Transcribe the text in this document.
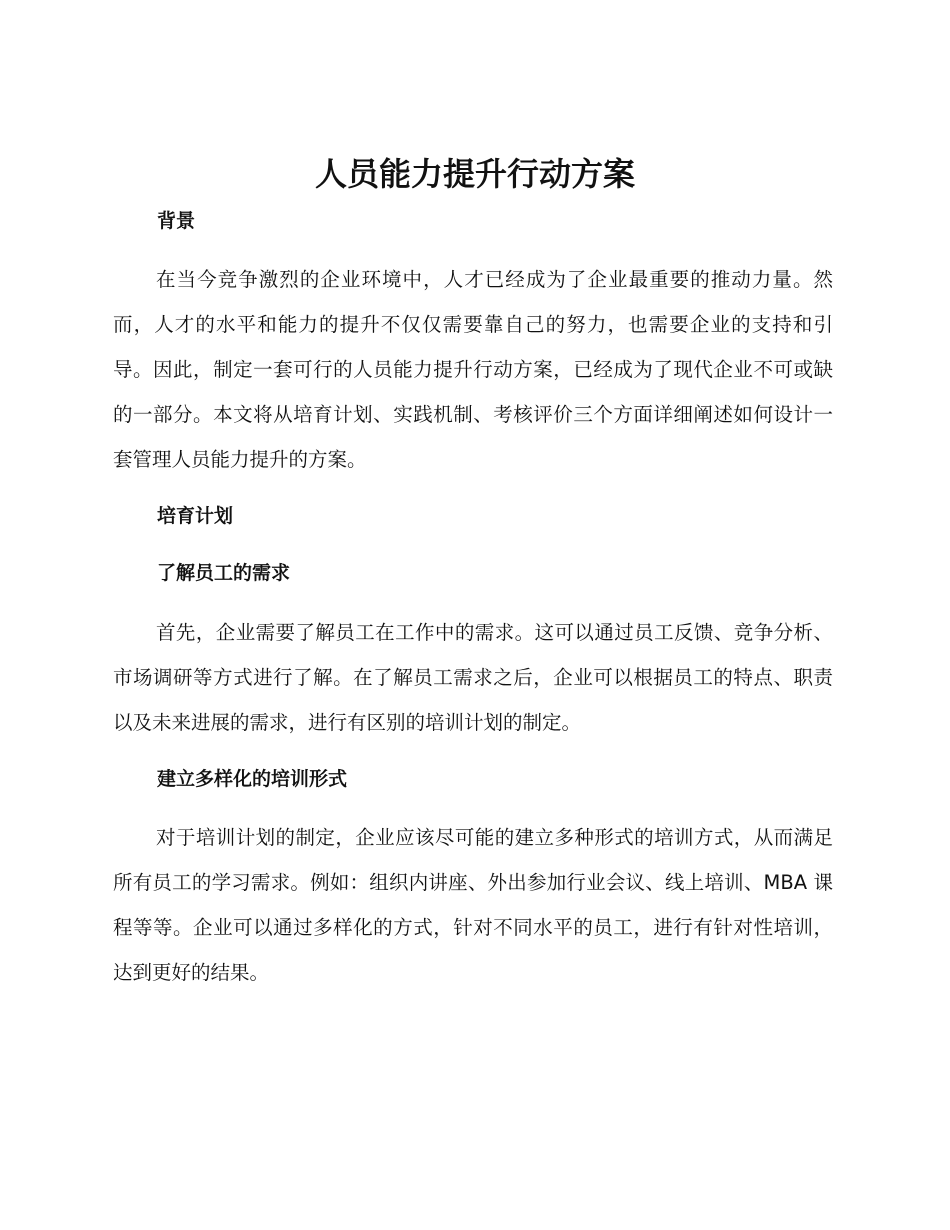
人员能力提升行动方案
背景
在当今竞争激烈的企业环境中，人才已经成为了企业最重要的推动力量。然而，人才的水平和能力的提升不仅仅需要靠自己的努力，也需要企业的支持和引导。因此，制定一套可行的人员能力提升行动方案，已经成为了现代企业不可或缺的一部分。本文将从培育计划、实践机制、考核评价三个方面详细阐述如何设计一套管理人员能力提升的方案。
培育计划
了解员工的需求
首先，企业需要了解员工在工作中的需求。这可以通过员工反馈、竞争分析、市场调研等方式进行了解。在了解员工需求之后，企业可以根据员工的特点、职责以及未来进展的需求，进行有区别的培训计划的制定。
建立多样化的培训形式
对于培训计划的制定，企业应该尽可能的建立多种形式的培训方式，从而满足所有员工的学习需求。例如：组织内讲座、外出参加行业会议、线上培训、MBA 课程等等。企业可以通过多样化的方式，针对不同水平的员工，进行有针对性培训，达到更好的结果。
